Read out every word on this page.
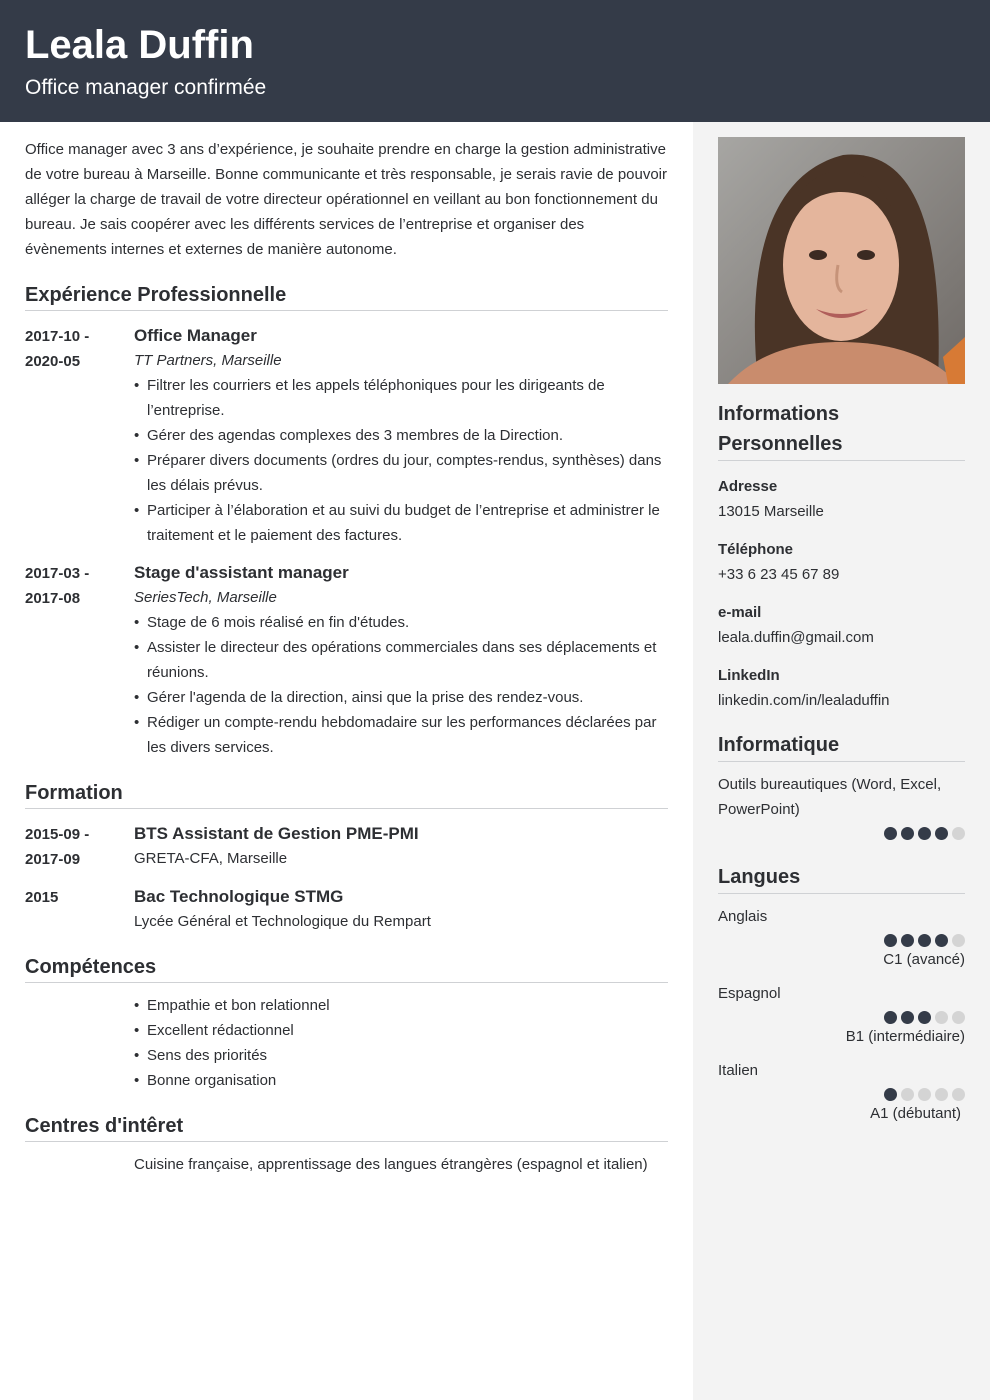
Leala Duffin
Office manager confirmée

Office manager avec 3 ans d’expérience, je souhaite prendre en charge la gestion administrative de votre bureau à Marseille. Bonne communicante et très responsable, je serais ravie de pouvoir alléger la charge de travail de votre directeur opérationnel en veillant au bon fonctionnement du bureau. Je sais coopérer avec les différents services de l’entreprise et organiser des évènements internes et externes de manière autonome.

Expérience Professionnelle
2017-10 -
2020-05
Office Manager
TT Partners, Marseille
• Filtrer les courriers et les appels téléphoniques pour les dirigeants de l’entreprise.
• Gérer des agendas complexes des 3 membres de la Direction.
• Préparer divers documents (ordres du jour, comptes-rendus, synthèses) dans les délais prévus.
• Participer à l’élaboration et au suivi du budget de l’entreprise et administrer le traitement et le paiement des factures.
2017-03 -
2017-08
Stage d'assistant manager
SeriesTech, Marseille
• Stage de 6 mois réalisé en fin d'études.
• Assister le directeur des opérations commerciales dans ses déplacements et réunions.
• Gérer l'agenda de la direction, ainsi que la prise des rendez-vous.
• Rédiger un compte-rendu hebdomadaire sur les performances déclarées par les divers services.
Formation
2015-09 -
2017-09
BTS Assistant de Gestion PME-PMI
GRETA-CFA, Marseille
2015	Bac Technologique STMG
Lycée Général et Technologique du Rempart
Compétences
• Empathie et bon relationnel
• Excellent rédactionnel
• Sens des priorités
• Bonne organisation
Centres d'intêret
Cuisine française, apprentissage des langues étrangères (espagnol et italien)
Informations
Personnelles
Adresse
13015 Marseille
Téléphone
+33 6 23 45 67 89
e-mail
leala.duffin@gmail.com
LinkedIn
linkedin.com/in/lealaduffin
Informatique
Outils bureautiques (Word, Excel, PowerPoint)
Langues
Anglais
C1 (avancé)
Espagnol
B1 (intermédiaire)
Italien
A1 (débutant)
